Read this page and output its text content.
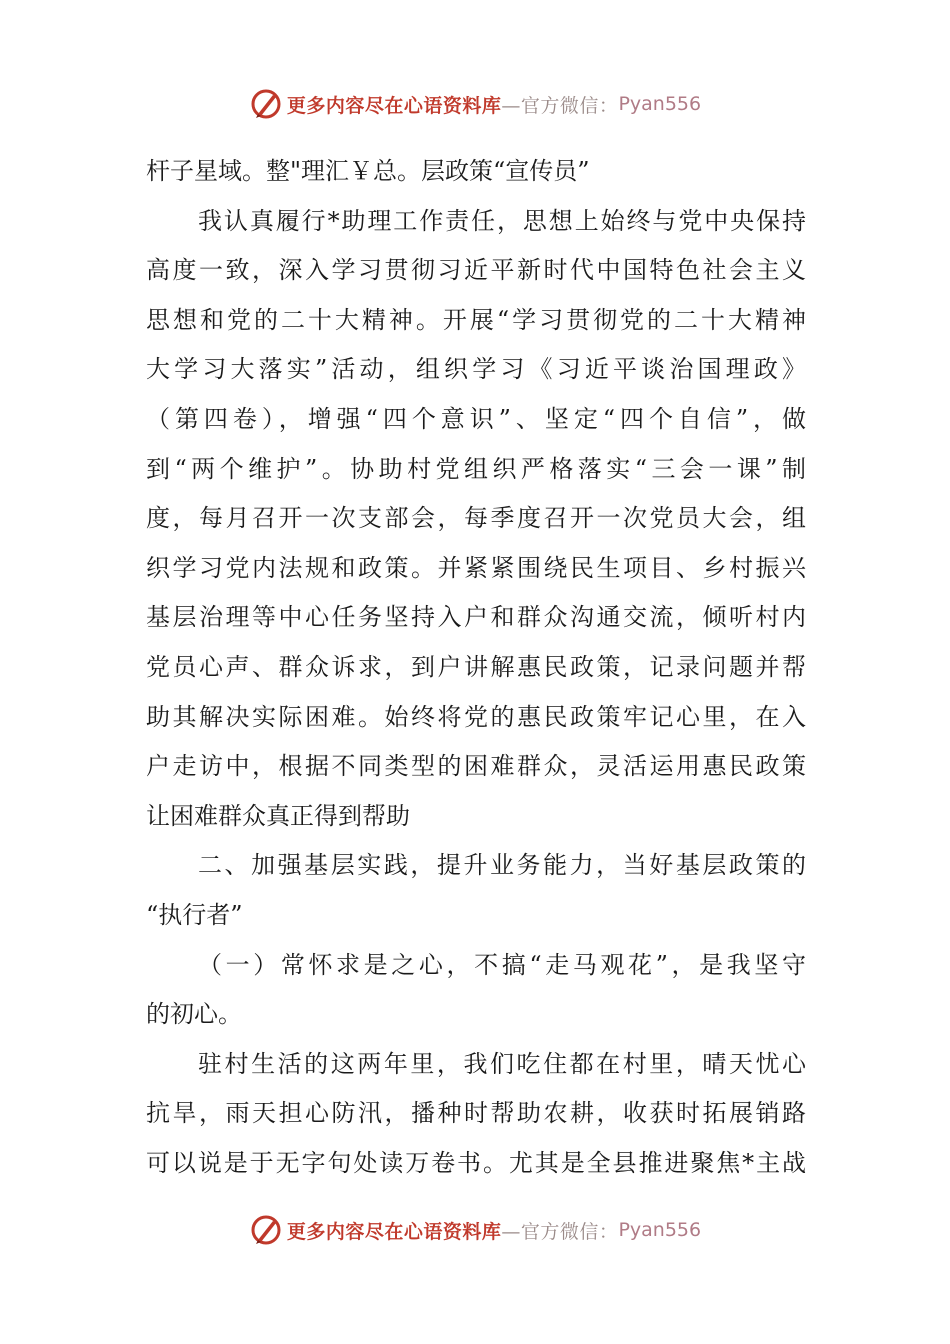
更多内容尽在心语资料库 —官方微信： Pyan556
杆子星域。整"理汇￥总。层政策“宣传员”
我认真履行*助理工作责任，思想上始终与党中央保持
高度一致，深入学习贯彻习近平新时代中国特色社会主义
思想和党的二十大精神。开展“学习贯彻党的二十大精神
大学习大落实”活动，组织学习《习近平谈治国理政》
（第四卷），增强“四个意识”、坚定“四个自信”，做
到“两个维护”。协助村党组织严格落实“三会一课”制
度，每月召开一次支部会，每季度召开一次党员大会，组
织学习党内法规和政策。并紧紧围绕民生项目、乡村振兴
基层治理等中心任务坚持入户和群众沟通交流，倾听村内
党员心声、群众诉求，到户讲解惠民政策，记录问题并帮
助其解决实际困难。始终将党的惠民政策牢记心里，在入
户走访中，根据不同类型的困难群众，灵活运用惠民政策
让困难群众真正得到帮助
二、加强基层实践，提升业务能力，当好基层政策的
“执行者”
（一）常怀求是之心，不搞“走马观花”，是我坚守
的初心。
驻村生活的这两年里，我们吃住都在村里，晴天忧心
抗旱，雨天担心防汛，播种时帮助农耕，收获时拓展销路
可以说是于无字句处读万卷书。尤其是全县推进聚焦*主战
更多内容尽在心语资料库 —官方微信： Pyan556
